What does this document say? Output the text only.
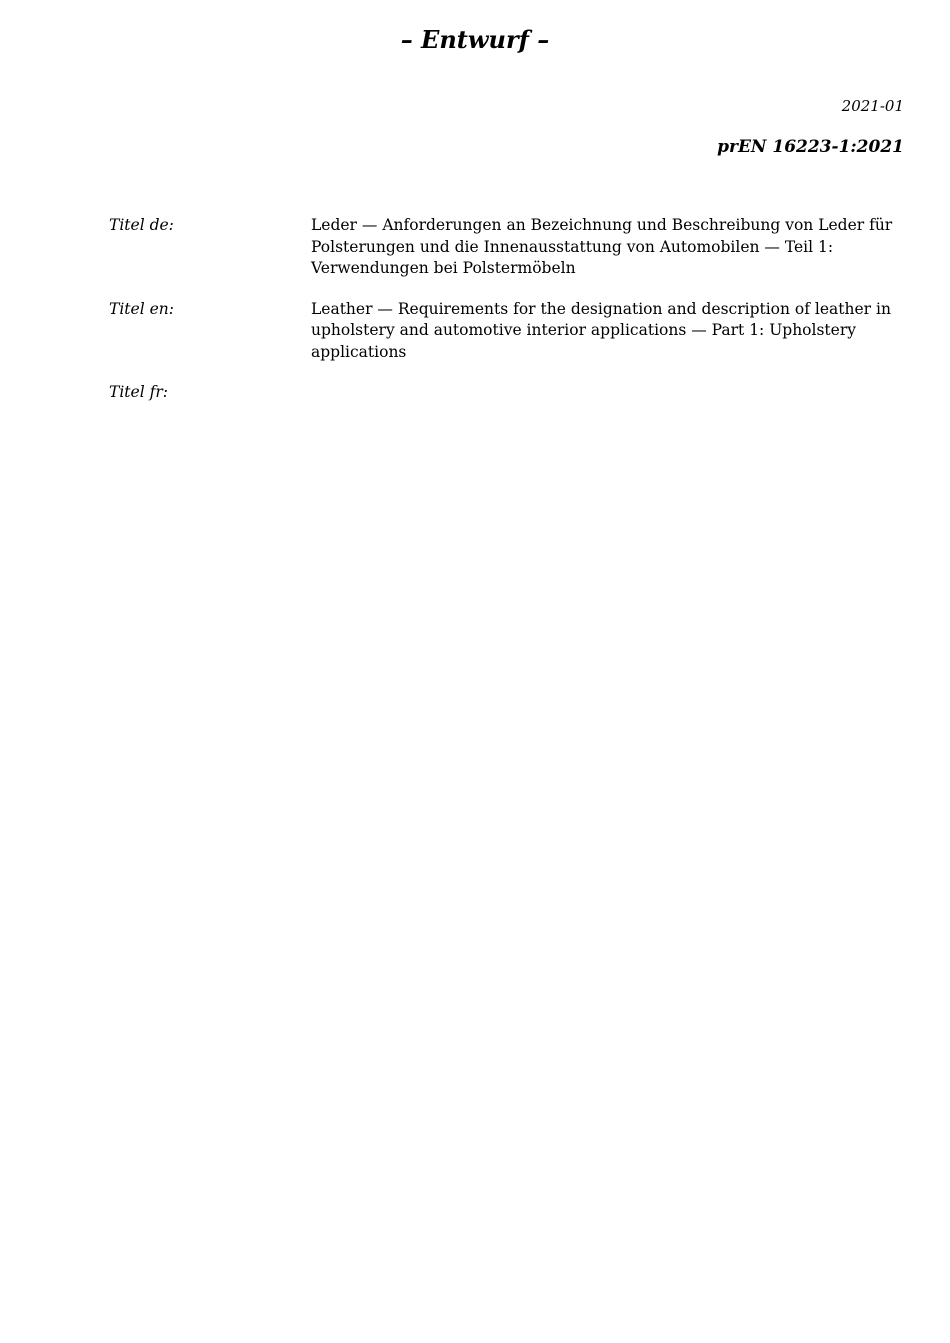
– Entwurf –
2021-01
prEN 16223-1:2021
Titel de:	Leder — Anforderungen an Bezeichnung und Beschreibung von Leder für Polsterungen und die Innenausstattung von Automobilen — Teil 1: Verwendungen bei Polstermöbeln
Titel en:	Leather — Requirements for the designation and description of leather in upholstery and automotive interior applications — Part 1: Upholstery applications
Titel fr:
